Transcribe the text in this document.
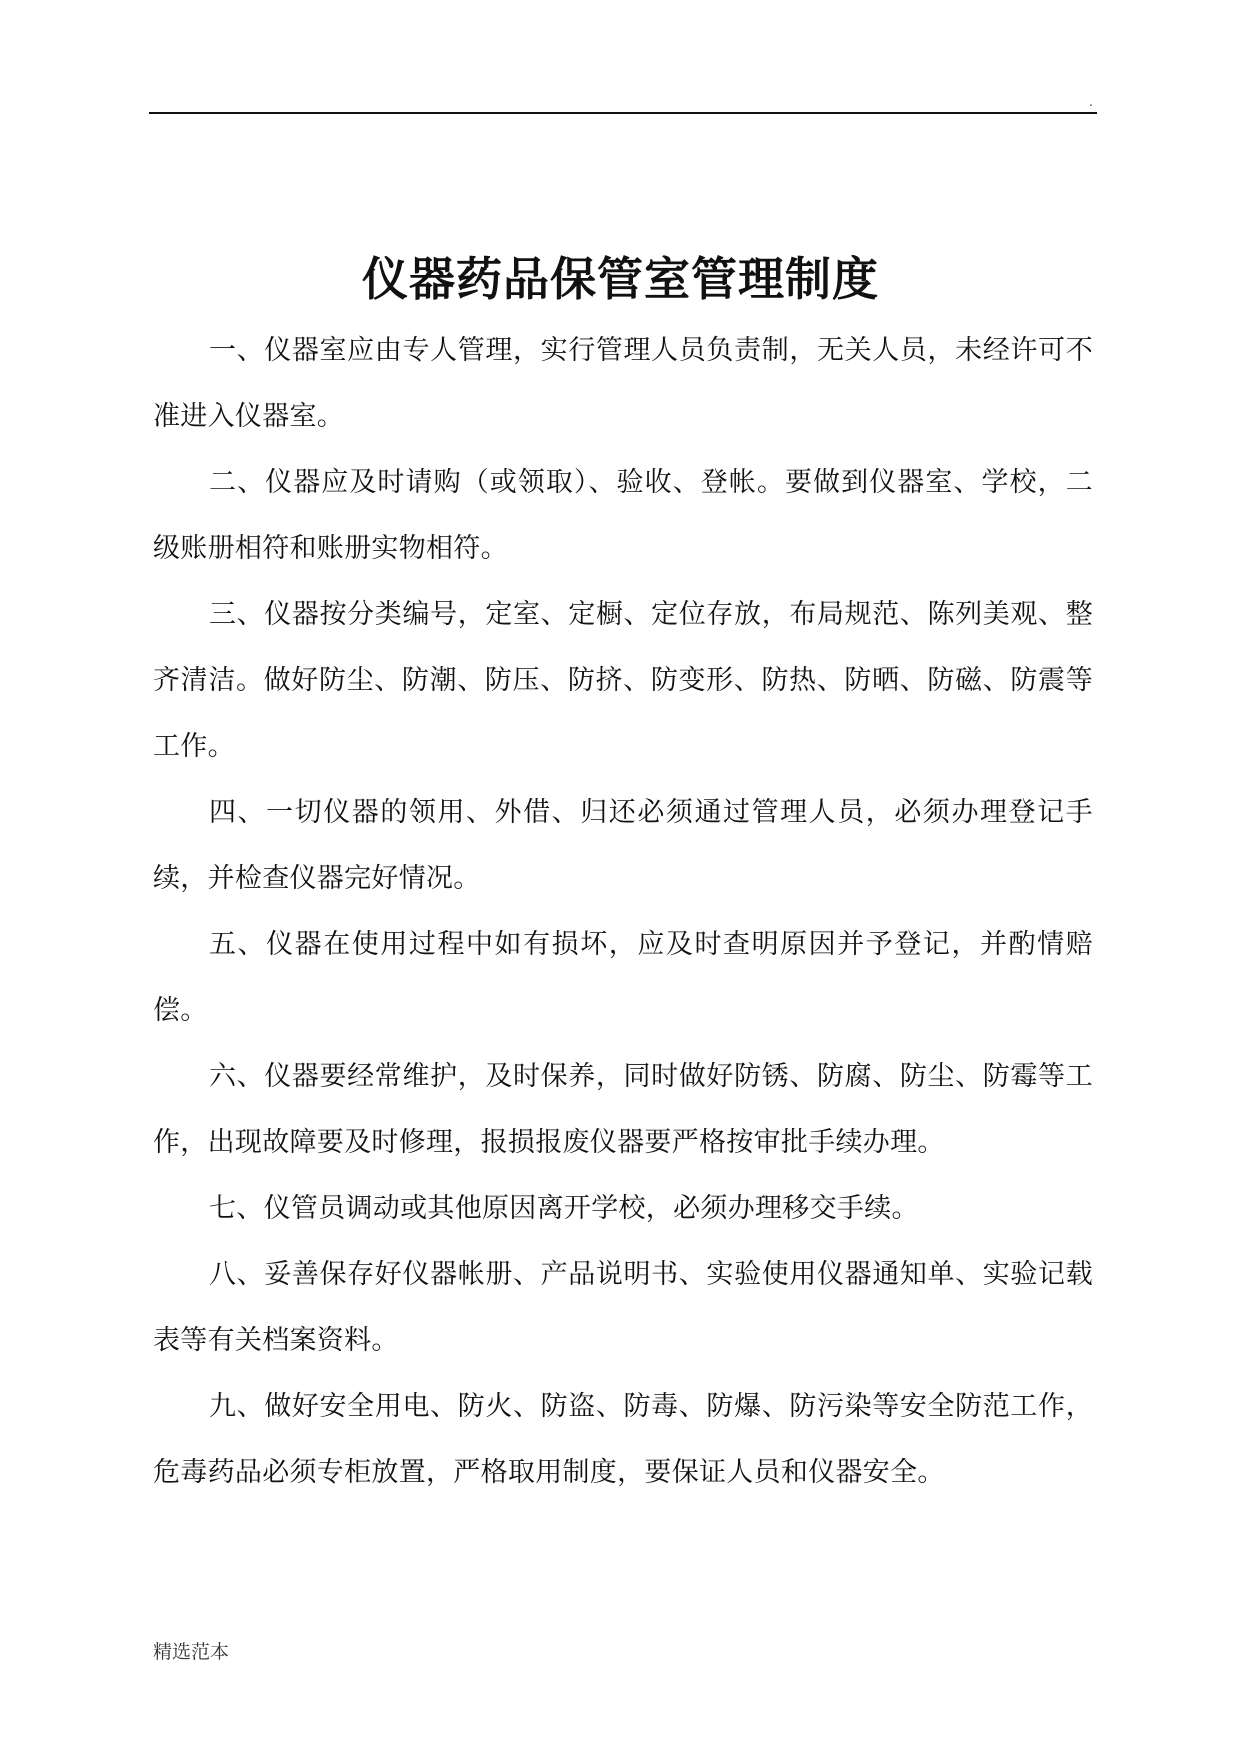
.
仪器药品保管室管理制度

一、仪器室应由专人管理，实行管理人员负责制，无关人员，未经许可不准进入仪器室。

二、仪器应及时请购（或领取）、验收、登帐。要做到仪器室、学校，二级账册相符和账册实物相符。

三、仪器按分类编号，定室、定橱、定位存放，布局规范、陈列美观、整齐清洁。做好防尘、防潮、防压、防挤、防变形、防热、防晒、防磁、防震等工作。

四、一切仪器的领用、外借、归还必须通过管理人员，必须办理登记手续，并检查仪器完好情况。

五、仪器在使用过程中如有损坏，应及时查明原因并予登记，并酌情赔偿。

六、仪器要经常维护，及时保养，同时做好防锈、防腐、防尘、防霉等工作，出现故障要及时修理，报损报废仪器要严格按审批手续办理。

七、仪管员调动或其他原因离开学校，必须办理移交手续。

八、妥善保存好仪器帐册、产品说明书、实验使用仪器通知单、实验记载表等有关档案资料。

九、做好安全用电、防火、防盗、防毒、防爆、防污染等安全防范工作，危毒药品必须专柜放置，严格取用制度，要保证人员和仪器安全。

精选范本
